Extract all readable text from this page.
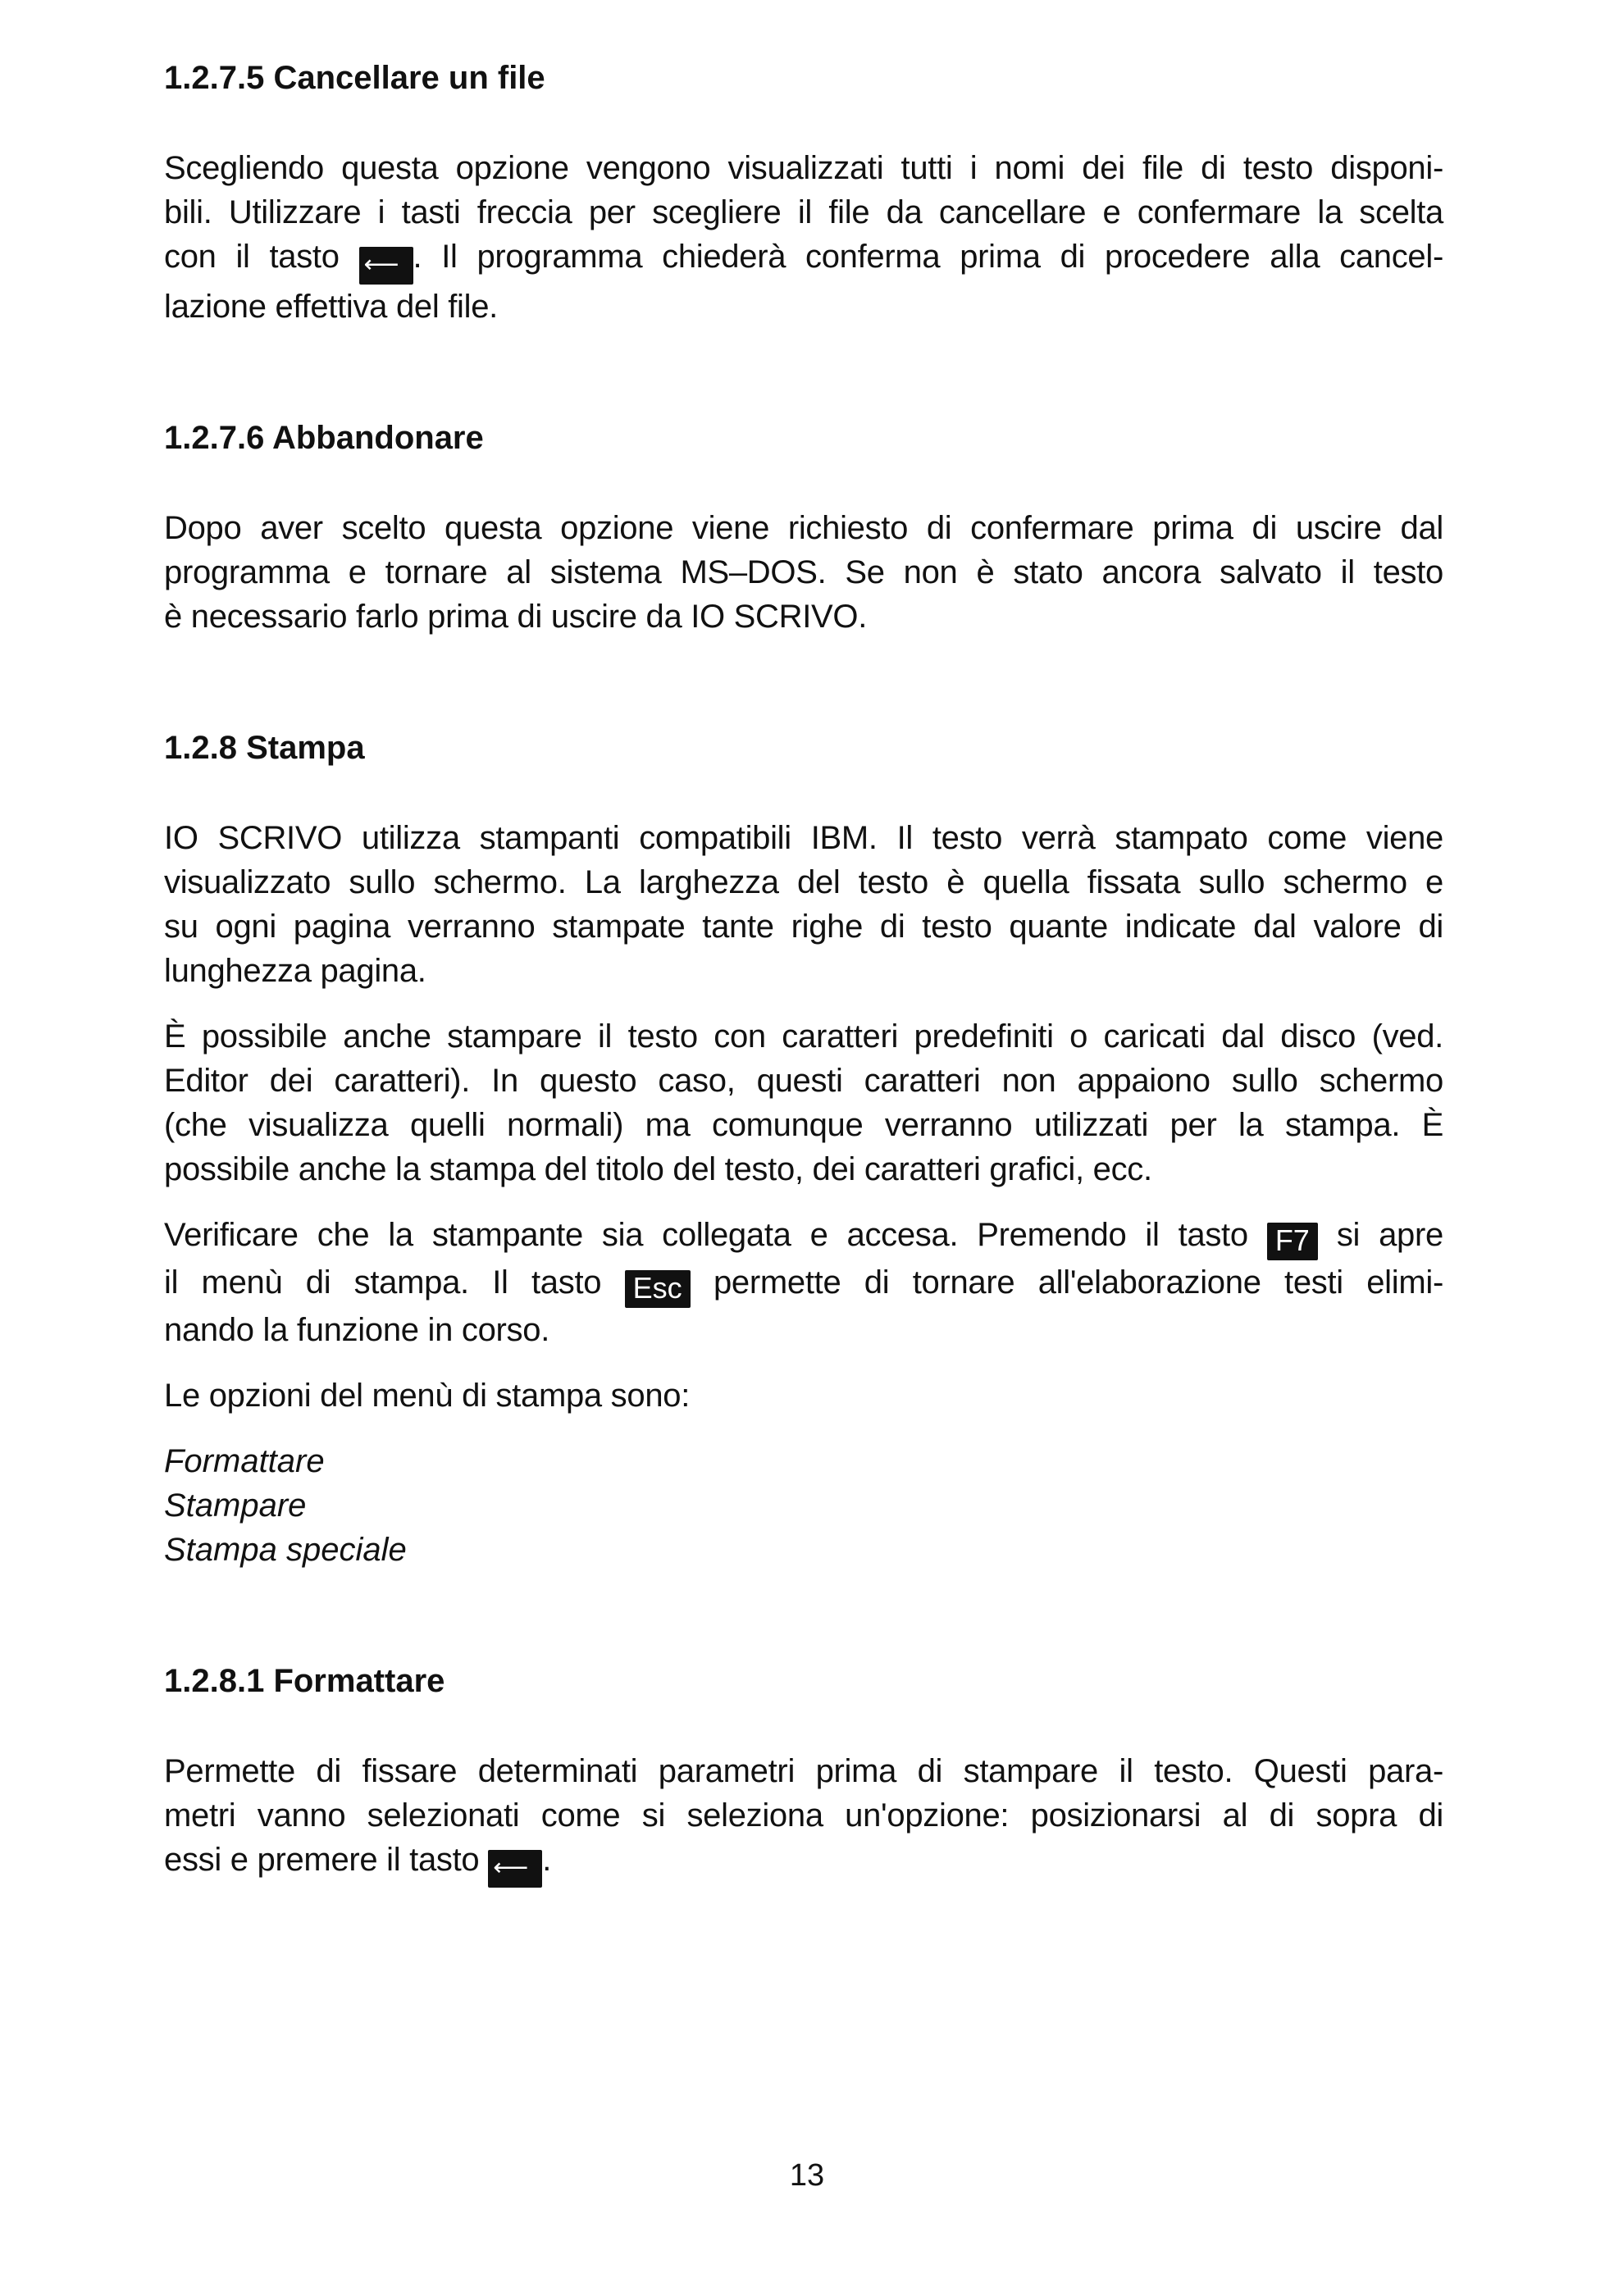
1.2.7.5 Cancellare un file
Scegliendo questa opzione vengono visualizzati tutti i nomi dei file di testo disponi-
bili. Utilizzare i tasti freccia per scegliere il file da cancellare e confermare la scelta
con il tasto ⟵ . Il programma chiederà conferma prima di procedere alla cancel-
lazione effettiva del file.
1.2.7.6 Abbandonare
Dopo aver scelto questa opzione viene richiesto di confermare prima di uscire dal
programma e tornare al sistema MS–DOS. Se non è stato ancora salvato il testo
è necessario farlo prima di uscire da IO SCRIVO.
1.2.8 Stampa
IO SCRIVO utilizza stampanti compatibili IBM. Il testo verrà stampato come viene
visualizzato sullo schermo. La larghezza del testo è quella fissata sullo schermo e
su ogni pagina verranno stampate tante righe di testo quante indicate dal valore di
lunghezza pagina.
È possibile anche stampare il testo con caratteri predefiniti o caricati dal disco (ved.
Editor dei caratteri). In questo caso, questi caratteri non appaiono sullo schermo
(che visualizza quelli normali) ma comunque verranno utilizzati per la stampa. È
possibile anche la stampa del titolo del testo, dei caratteri grafici, ecc.
Verificare che la stampante sia collegata e accesa. Premendo il tasto F7 si apre
il menù di stampa. Il tasto Esc permette di tornare all'elaborazione testi elimi-
nando la funzione in corso.
Le opzioni del menù di stampa sono:
Formattare
Stampare
Stampa speciale
1.2.8.1 Formattare
Permette di fissare determinati parametri prima di stampare il testo. Questi para-
metri vanno selezionati come si seleziona un'opzione: posizionarsi al di sopra di
essi e premere il tasto ⟵ .
13
